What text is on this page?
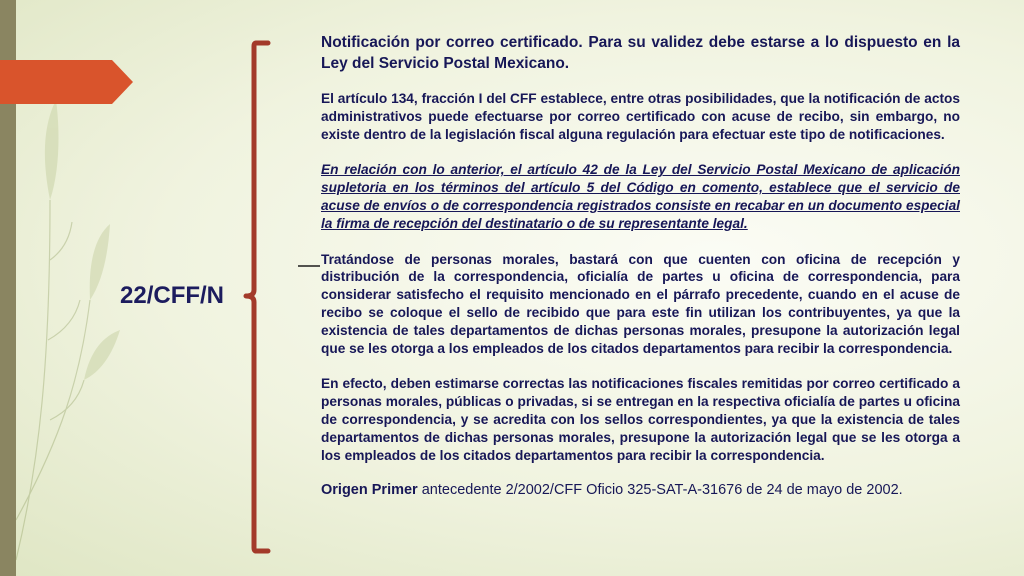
22/CFF/N

Notificación por correo certificado. Para su validez debe estarse a lo dispuesto en la Ley del Servicio Postal Mexicano.

El artículo 134, fracción I del CFF establece, entre otras posibilidades, que la notificación de actos administrativos puede efectuarse por correo certificado con acuse de recibo, sin embargo, no existe dentro de la legislación fiscal alguna regulación para efectuar este tipo de notificaciones.

En relación con lo anterior, el artículo 42 de la Ley del Servicio Postal Mexicano de aplicación supletoria en los términos del artículo 5 del Código en comento, establece que el servicio de acuse de envíos o de correspondencia registrados consiste en recabar en un documento especial la firma de recepción del destinatario o de su representante legal.

Tratándose de personas morales, bastará con que cuenten con oficina de recepción y distribución de la correspondencia, oficialía de partes u oficina de correspondencia, para considerar satisfecho el requisito mencionado en el párrafo precedente, cuando en el acuse de recibo se coloque el sello de recibido que para este fin utilizan los contribuyentes, ya que la existencia de tales departamentos de dichas personas morales, presupone la autorización legal que se les otorga a los empleados de los citados departamentos para recibir la correspondencia.

En efecto, deben estimarse correctas las notificaciones fiscales remitidas por correo certificado a personas morales, públicas o privadas, si se entregan en la respectiva oficialía de partes u oficina de correspondencia, y se acredita con los sellos correspondientes, ya que la existencia de tales departamentos de dichas personas morales, presupone la autorización legal que se les otorga a los empleados de los citados departamentos para recibir la correspondencia.

Origen Primer antecedente 2/2002/CFF Oficio 325-SAT-A-31676 de 24 de mayo de 2002.
